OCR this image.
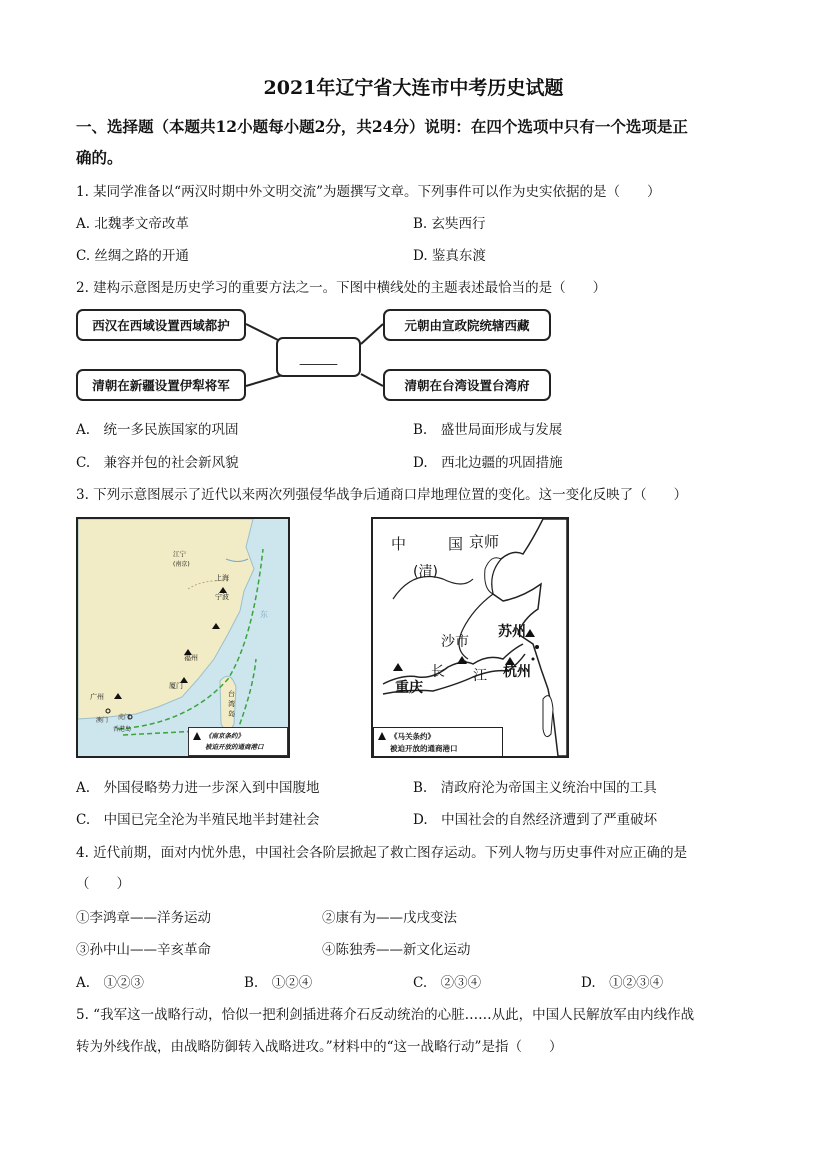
2021年辽宁省大连市中考历史试题
一、选择题（本题共12小题每小题2分，共24分）说明：在四个选项中只有一个选项是正
确的。
1. 某同学准备以“两汉时期中外文明交流”为题撰写文章。下列事件可以作为史实依据的是（　　）
A. 北魏孝文帝改革	B. 玄奘西行
C. 丝绸之路的开通	D. 鉴真东渡
2. 建构示意图是历史学习的重要方法之一。下图中横线处的主题表述最恰当的是（　　）
西汉在西域设置西域都护	元朝由宣政院统辖西藏
清朝在新疆设置伊犁将军	清朝在台湾设置台湾府
______
A.　统一多民族国家的巩固	B.　盛世局面形成与发展
C.　兼容并包的社会新风貌	D.　西北边疆的巩固措施
3. 下列示意图展示了近代以来两次列强侵华战争后通商口岸地理位置的变化。这一变化反映了（　　）
江宁
(南京)
上海
宁波
福州
厦门
广州
虎门
澳门
香港岛
台
湾
岛
东
《南京条约》
被迫开放的通商港口
中	国 京师
(清)
苏州
沙市
长 江 杭州
重庆
《马关条约》
被迫开放的通商港口
A.　外国侵略势力进一步深入到中国腹地	B.　清政府沦为帝国主义统治中国的工具
C.　中国已完全沦为半殖民地半封建社会	D.　中国社会的自然经济遭到了严重破坏
4. 近代前期，面对内忧外患，中国社会各阶层掀起了救亡图存运动。下列人物与历史事件对应正确的是
（　　）
①李鸿章——洋务运动	②康有为——戊戌变法
③孙中山——辛亥革命	④陈独秀——新文化运动
A.　①②③	B.　①②④	C.　②③④	D.　①②③④
5. “我军这一战略行动，恰似一把利剑插进蒋介石反动统治的心脏……从此，中国人民解放军由内线作战
转为外线作战，由战略防御转入战略进攻。”材料中的“这一战略行动”是指（　　）
